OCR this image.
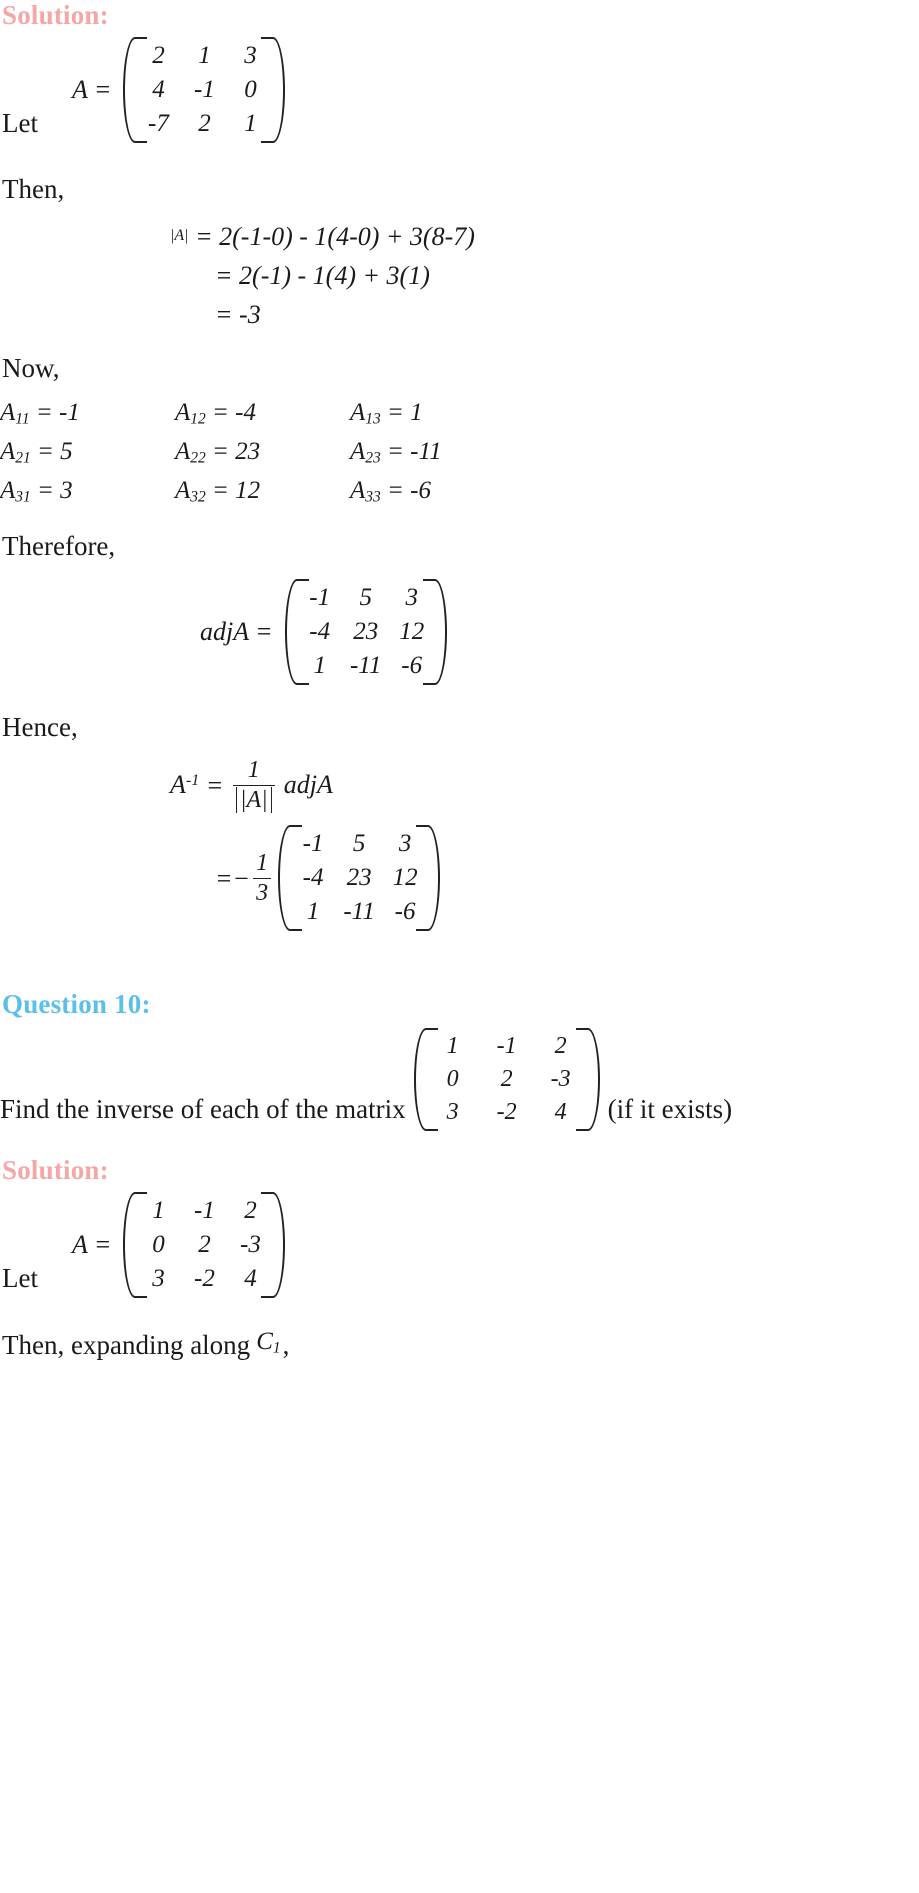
Solution:
Let
A =
2	1	3
4	-1	0
-7	2	1
Then,
|A| = 2(-1-0) - 1(4-0) + 3(8-7)
= 2(-1) - 1(4) + 3(1)
= -3
Now,
$A_{11} = -1$	$A_{12} = -4$	$A_{13} = 1$
$A_{21} = 5$	$A_{22} = 23$	$A_{23} = -11$
$A_{31} = 3$	$A_{32} = 12$	$A_{33} = -6$
Therefore,
adjA =
-1	5	3
-4 23 12
1 -11 -6
Hence,
$A^{-1} = \frac{1}{|A|}$ adjA
=− $\frac{1}{3}$
-1	5	3
-4 23 12
1 -11 -6
Question 10:
Find the inverse of each of the matrix
1	-1	2
0	2	-3
3	-2	4	(if it exists)
Solution:
Let
A =
1	-1	2
0	2	-3
3	-2	4
Then, expanding along $C_1$ ,
